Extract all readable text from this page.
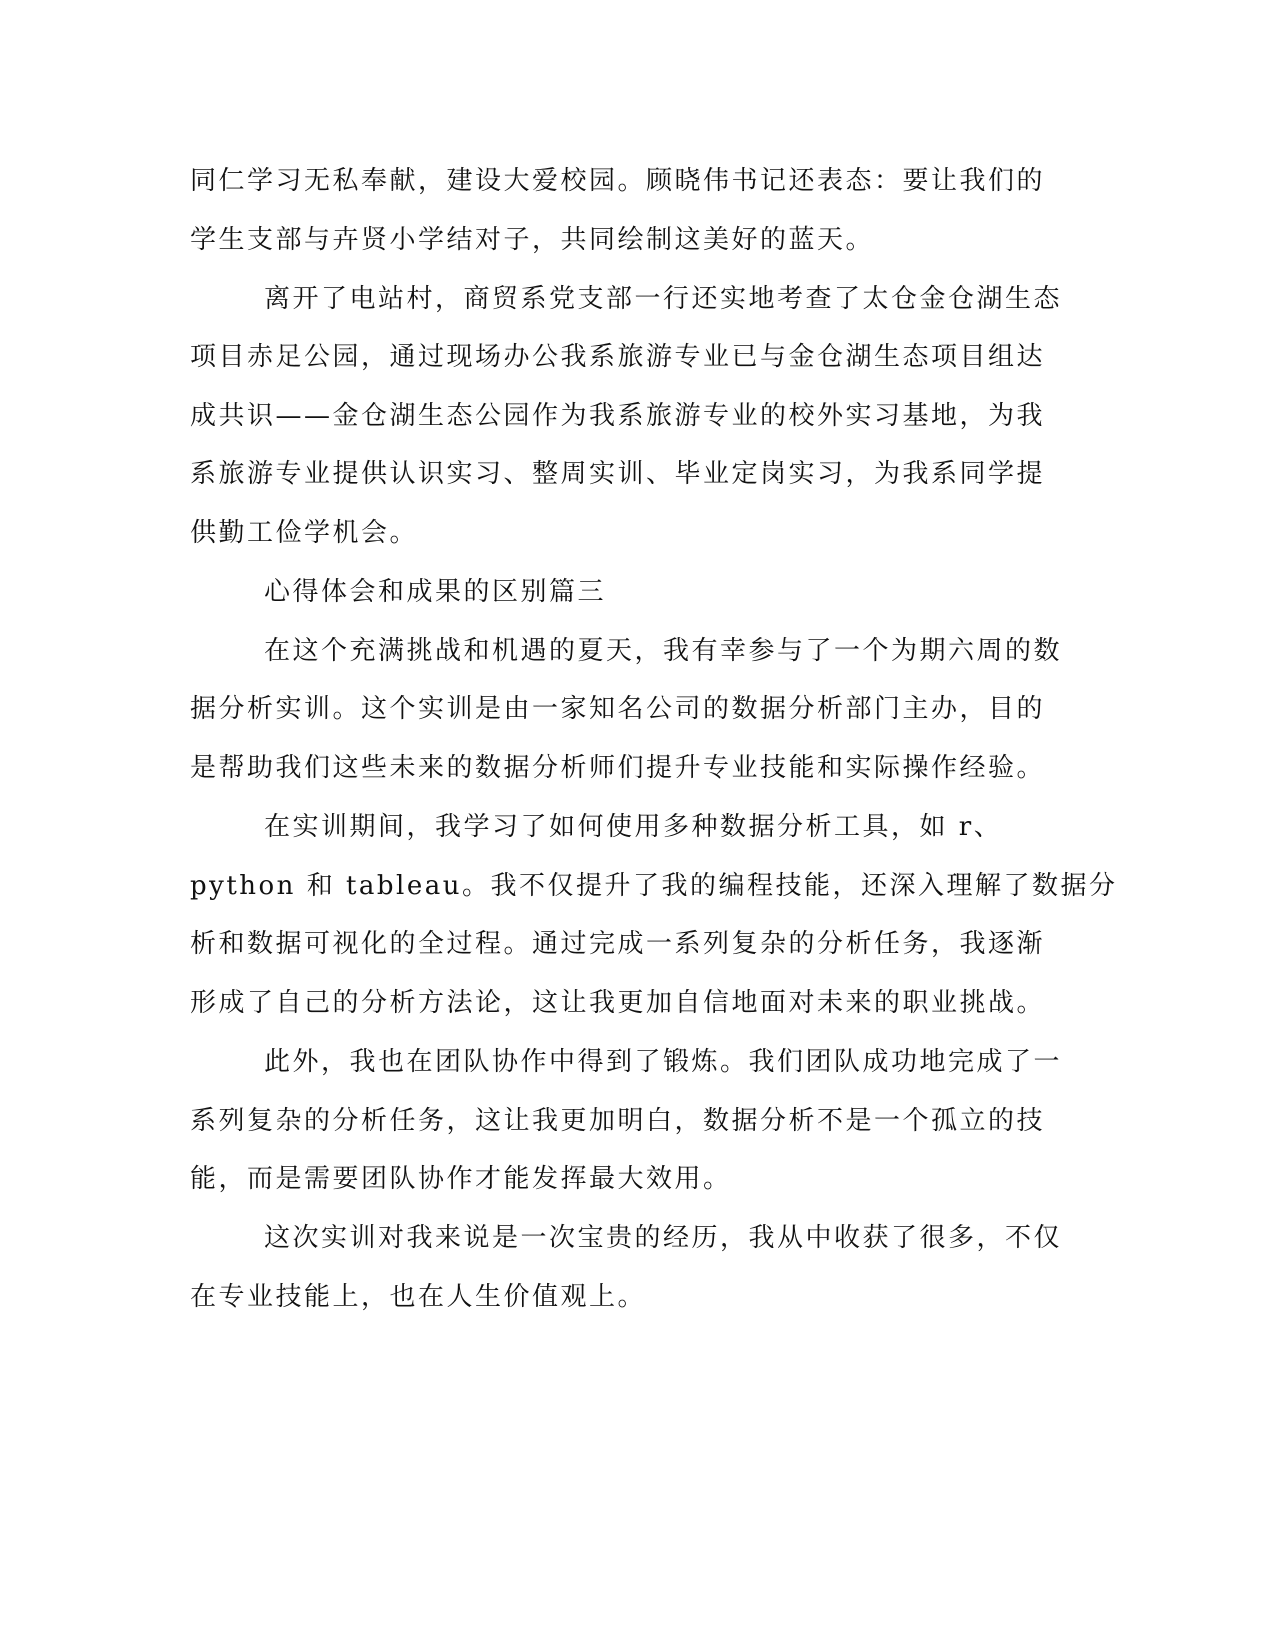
同仁学习无私奉献，建设大爱校园。顾晓伟书记还表态：要让我们的

学生支部与卉贤小学结对子，共同绘制这美好的蓝天。

离开了电站村，商贸系党支部一行还实地考查了太仓金仓湖生态

项目赤足公园，通过现场办公我系旅游专业已与金仓湖生态项目组达

成共识——金仓湖生态公园作为我系旅游专业的校外实习基地，为我

系旅游专业提供认识实习、整周实训、毕业定岗实习，为我系同学提

供勤工俭学机会。

心得体会和成果的区别篇三

在这个充满挑战和机遇的夏天，我有幸参与了一个为期六周的数

据分析实训。这个实训是由一家知名公司的数据分析部门主办，目的

是帮助我们这些未来的数据分析师们提升专业技能和实际操作经验。

在实训期间，我学习了如何使用多种数据分析工具，如 r、

python 和 tableau。我不仅提升了我的编程技能，还深入理解了数据分

析和数据可视化的全过程。通过完成一系列复杂的分析任务，我逐渐

形成了自己的分析方法论，这让我更加自信地面对未来的职业挑战。

此外，我也在团队协作中得到了锻炼。我们团队成功地完成了一

系列复杂的分析任务，这让我更加明白，数据分析不是一个孤立的技

能，而是需要团队协作才能发挥最大效用。

这次实训对我来说是一次宝贵的经历，我从中收获了很多，不仅

在专业技能上，也在人生价值观上。
